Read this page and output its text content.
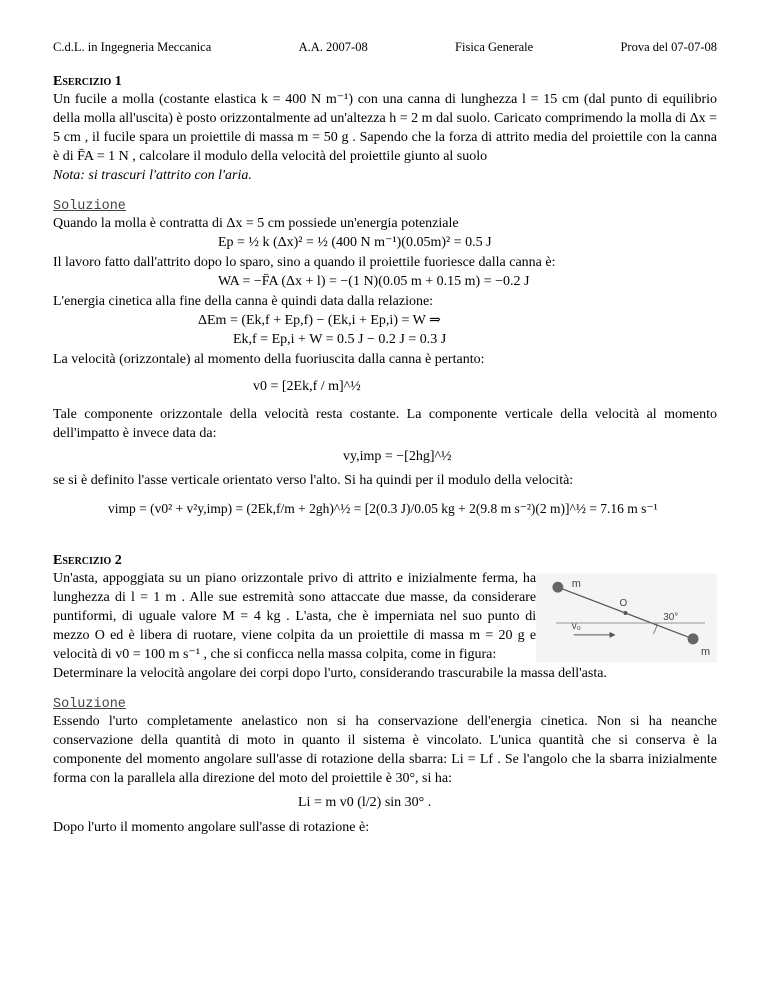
C.d.L. in Ingegneria Meccanica	A.A. 2007-08	Fisica Generale	Prova del 07-07-08
Esercizio 1

Un fucile a molla (costante elastica k = 400 N m⁻¹) con una canna di lunghezza l = 15 cm (dal punto di equilibrio della molla all'uscita) è posto orizzontalmente ad un'altezza h = 2 m dal suolo. Caricato comprimendo la molla di Δx = 5 cm , il fucile spara un proiettile di massa m = 50 g . Sapendo che la forza di attrito media del proiettile con la canna è di F̄A = 1 N , calcolare il modulo della velocità del proiettile giunto al suolo

Nota: si trascuri l'attrito con l'aria.

Soluzione

Quando la molla è contratta di Δx = 5 cm possiede un'energia potenziale

Ep = ½ k (Δx)² = ½ (400 N m⁻¹)(0.05m)² = 0.5 J

Il lavoro fatto dall'attrito dopo lo sparo, sino a quando il proiettile fuoriesce dalla canna è:

WA = −F̄A (Δx + l) = −(1 N)(0.05 m + 0.15 m) = −0.2 J

L'energia cinetica alla fine della canna è quindi data dalla relazione:

ΔEm = (Ek,f + Ep,f) − (Ek,i + Ep,i) = W ⇒
Ek,f = Ep,i + W = 0.5 J − 0.2 J = 0.3 J

La velocità (orizzontale) al momento della fuoriuscita dalla canna è pertanto:

v0 = [2Ek,f / m]^½

Tale componente orizzontale della velocità resta costante. La componente verticale della velocità al momento dell'impatto è invece data da:

vy,imp = −[2hg]^½

se si è definito l'asse verticale orientato verso l'alto. Si ha quindi per il modulo della velocità:

vimp = (v0² + v²y,imp) = (2Ek,f/m + 2gh)^½ = [2(0.3 J)/0.05 kg + 2(9.8 m s⁻²)(2 m)]^½ = 7.16 m s⁻¹
Esercizio 2

Un'asta, appoggiata su un piano orizzontale privo di attrito e inizialmente ferma, ha lunghezza di l = 1 m . Alle sue estremità sono attaccate due masse, da considerare puntiformi, di uguale valore M = 4 kg . L'asta, che è imperniata nel suo punto di mezzo O ed è libera di ruotare, viene colpita da un proiettile di massa m = 20 g e velocità di v0 = 100 m s⁻¹ , che si conficca nella massa colpita, come in figura:

m
O
v₀
30°
m

Determinare la velocità angolare dei corpi dopo l'urto, considerando trascurabile la massa dell'asta.

Soluzione

Essendo l'urto completamente anelastico non si ha conservazione dell'energia cinetica. Non si ha neanche conservazione della quantità di moto in quanto il sistema è vincolato. L'unica quantità che si conserva è la componente del momento angolare sull'asse di rotazione della sbarra: Li = Lf . Se l'angolo che la sbarra inizialmente forma con la parallela alla direzione del moto del proiettile è 30°, si ha:

Li = m v0 (l/2) sin 30° .

Dopo l'urto il momento angolare sull'asse di rotazione è:
